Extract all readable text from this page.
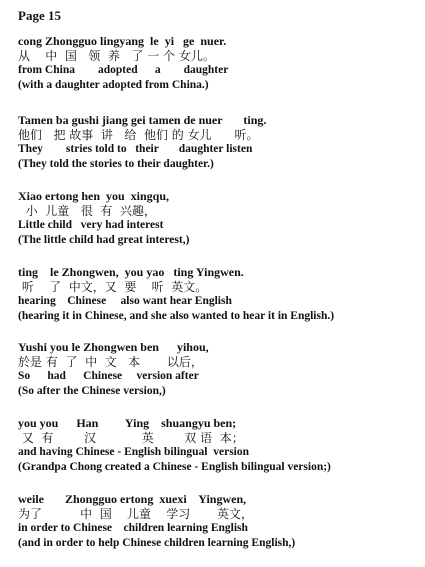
Page 15
cong Zhongguo lingyang  le  yi   ge  nuer.
从    中  国   领  养   了 一 个 女儿。
from China        adopted      a        daughter
(with a daughter adopted from China.)
Tamen ba gushi jiang gei tamen de nuer       ting.
他们   把 故事  讲   给  他们 的 女儿      听。
They        stries told to   their       daughter listen
(They told the stories to their daughter.)
Xiao ertong hen  you  xingqu,
小  儿童   很  有  兴趣，
Little child   very had interest
(The little child had great interest,)
ting    le Zhongwen,  you yao   ting Yingwen.
听    了  中文，又  要    听  英文。
hearing    Chinese     also want hear English
(hearing it in Chinese, and she also wanted to hear it in English.)
Yushi you le Zhongwen ben      yihou,
於是 有  了  中  文   本       以后，
So      had      Chinese     version after
(So after the Chinese version,)
you you      Han         Ying    shuangyu ben;
又  有        汉            英        双 语  本；
and having Chinese - English bilingual  version
(Grandpa Chong created a Chinese - English bilingual version;)
weile       Zhongguo ertong  xuexi    Yingwen,
为了          中  国    儿童    学习       英文，
in order to Chinese    children learning English
(and in order to help Chinese children learning English,)
